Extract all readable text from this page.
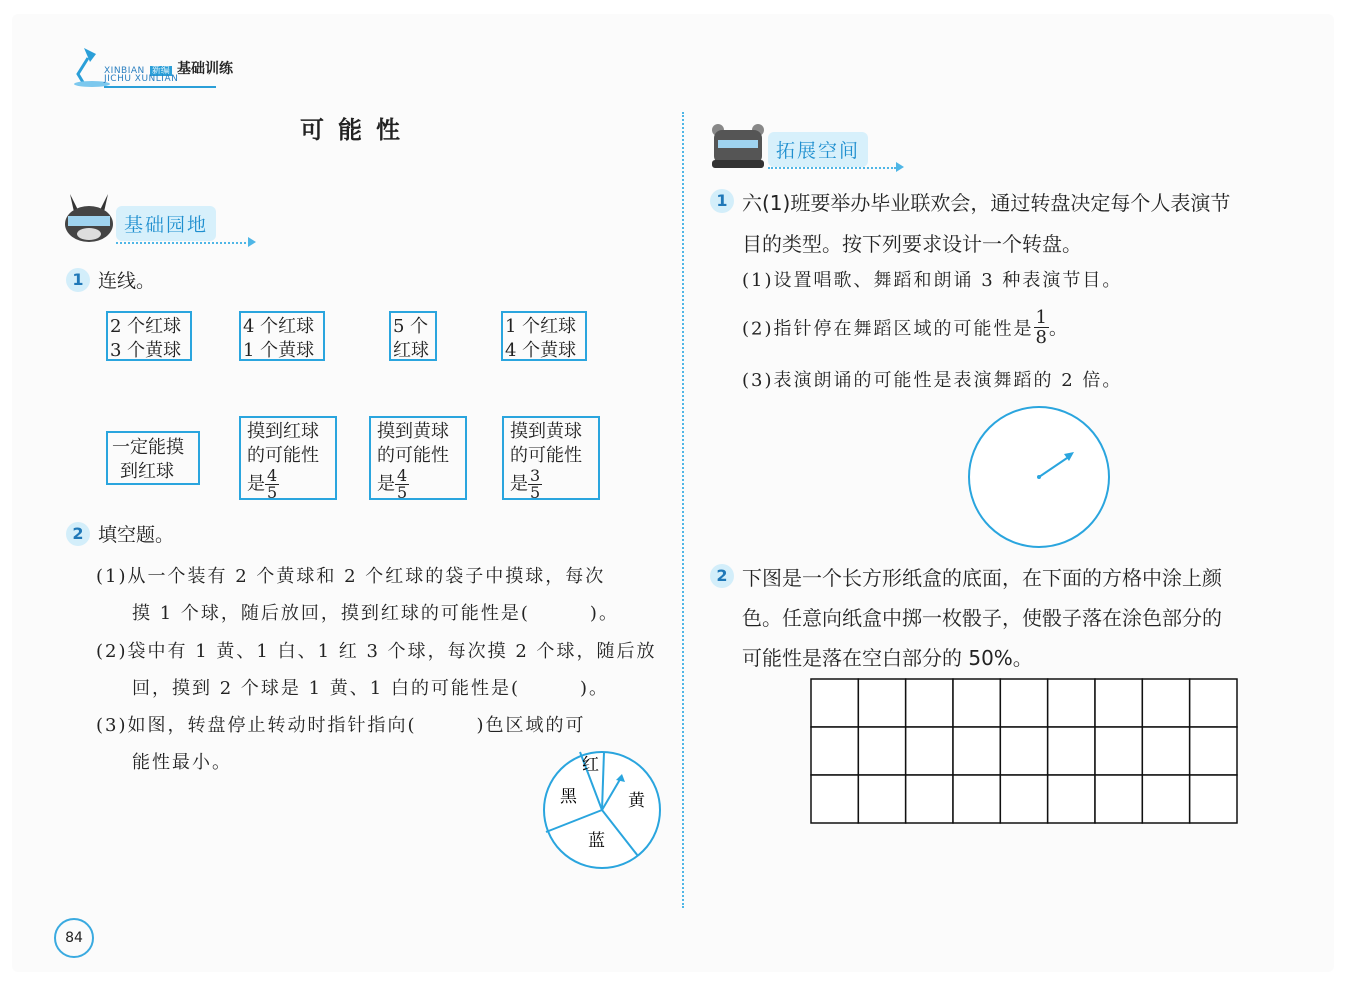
XINBIAN 新编 基础训练
JICHU XUNLIAN
可能性
基础园地
1 连线。
2 个红球
3 个黄球
4 个红球
1 个黄球
5 个
红球
1 个红球
4 个黄球
一定能摸
到红球
摸到红球
的可能性
是 $\frac{4}{5}$
摸到黄球
的可能性
是 $\frac{4}{5}$
摸到黄球
的可能性
是 $\frac{3}{5}$
2 填空题。
(1)从一个装有 2 个黄球和 2 个红球的袋子中摸球，每次
摸 1 个球，随后放回，摸到红球的可能性是(　　　)。
(2)袋中有 1 黄、1 白、1 红 3 个球，每次摸 2 个球，随后放
回，摸到 2 个球是 1 黄、1 白的可能性是(　　　)。
(3)如图，转盘停止转动时指针指向(　　　)色区域的可
能性最小。	红
黑	黄
蓝
拓展空间
1 六(1)班要举办毕业联欢会，通过转盘决定每个人表演节
目的类型。按下列要求设计一个转盘。
(1)设置唱歌、舞蹈和朗诵 3 种表演节目。
(2)指针停在舞蹈区域的可能性是 $\frac{1}{8}$ 。
(3)表演朗诵的可能性是表演舞蹈的 2 倍。
2 下图是一个长方形纸盒的底面，在下面的方格中涂上颜
色。任意向纸盒中掷一枚骰子，使骰子落在涂色部分的
可能性是落在空白部分的 50%。
84
